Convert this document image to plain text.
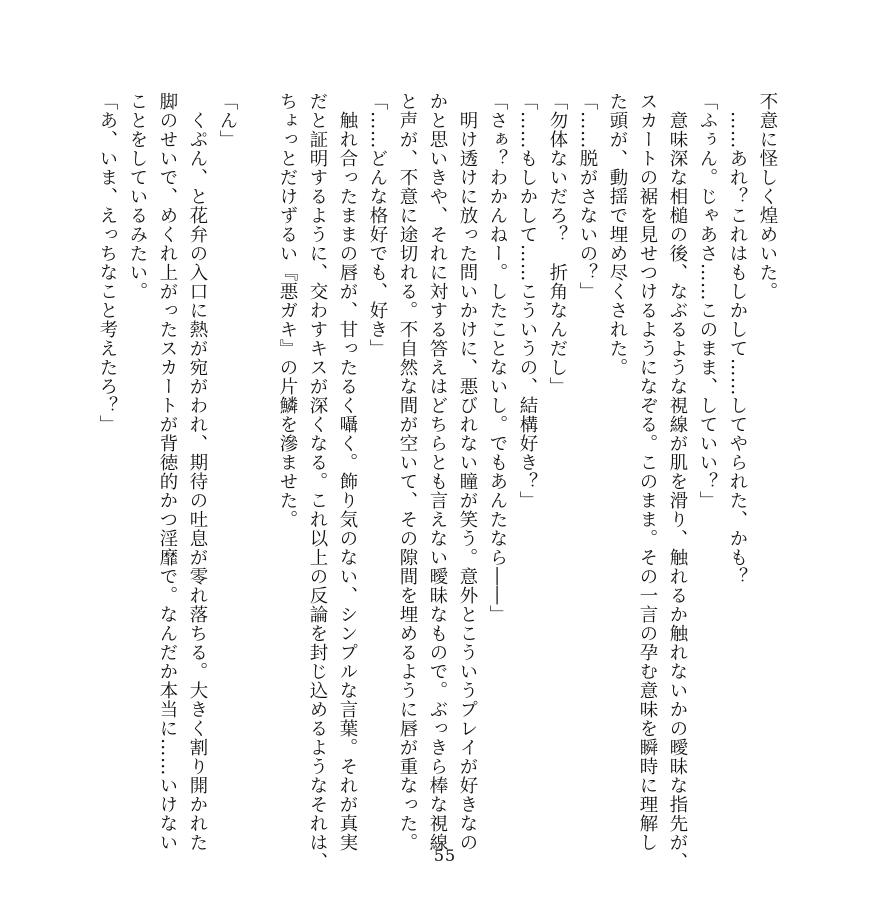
不意に怪しく煌めいた。
　……あれ？これはもしかして……してやられた、かも？
「ふぅん。じゃあさ……このまま、していい？」
　意味深な相槌の後、なぶるような視線が肌を滑り、触れるか触れないかの曖昧な指先が、
スカートの裾を見せつけるようになぞる。このまま。その一言の孕む意味を瞬時に理解し
た頭が、動揺で埋め尽くされた。
「……脱がさないの？」
「勿体ないだろ？　折角なんだし」
「……もしかして……こういうの、結構好き？」
「さぁ？わかんねー。したことないし。でもあんたなら――」
　明け透けに放った問いかけに、悪びれない瞳が笑う。意外とこういうプレイが好きなの
かと思いきや、それに対する答えはどちらとも言えない曖昧なもので。ぶっきら棒な視線
と声が、不意に途切れる。不自然な間が空いて、その隙間を埋めるように唇が重なった。
「……どんな格好でも、好き」
　触れ合ったままの唇が、甘ったるく囁く。飾り気のない、シンプルな言葉。それが真実
だと証明するように、交わすキスが深くなる。これ以上の反論を封じ込めるようなそれは、
ちょっとだけずるい『悪ガキ』の片鱗を滲ませた。
「ん」
　くぷん、と花弁の入口に熱が宛がわれ、期待の吐息が零れ落ちる。大きく割り開かれた
脚のせいで、めくれ上がったスカートが背徳的かつ淫靡で。なんだか本当に……いけない
ことをしているみたい。
「あ、いま、えっちなこと考えたろ？」
55
